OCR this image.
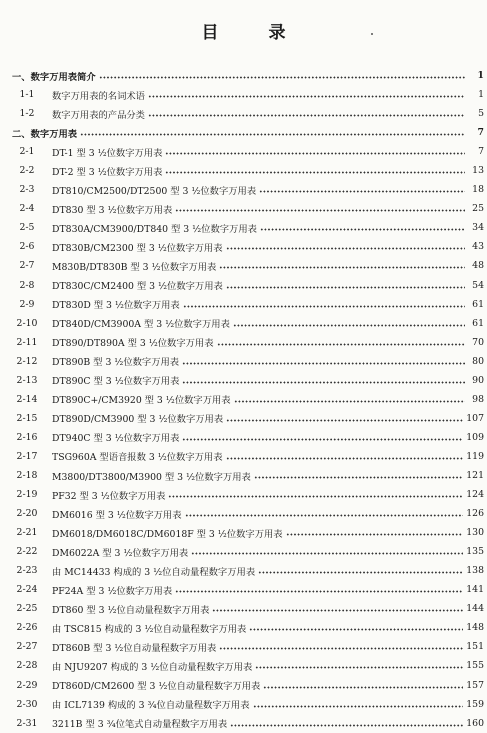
目 录
一、数字万用表简介	1
1-1	数字万用表的名词术语	1
1-2	数字万用表的产品分类	5
二、数字万用表	7
2-1	DT-1 型 3 ½位数字万用表	7
2-2	DT-2 型 3 ½位数字万用表	13
2-3	DT810/CM2500/DT2500 型 3 ½位数字万用表	18
2-4	DT830 型 3 ½位数字万用表	25
2-5	DT830A/CM3900/DT840 型 3 ½位数字万用表	34
2-6	DT830B/CM2300 型 3 ½位数字万用表	43
2-7	M830B/DT830B 型 3 ½位数字万用表	48
2-8	DT830C/CM2400 型 3 ½位数字万用表	54
2-9	DT830D 型 3 ½位数字万用表	61
2-10	DT840D/CM3900A 型 3 ½位数字万用表	61
2-11	DT890/DT890A 型 3 ½位数字万用表	70
2-12	DT890B 型 3 ½位数字万用表	80
2-13	DT890C 型 3 ½位数字万用表	90
2-14	DT890C+/CM3920 型 3 ½位数字万用表	98
2-15	DT890D/CM3900 型 3 ½位数字万用表	107
2-16	DT940C 型 3 ½位数字万用表	109
2-17	TSG960A 型语音报数 3 ½位数字万用表	119
2-18	M3800/DT3800/M3900 型 3 ½位数字万用表	121
2-19	PF32 型 3 ½位数字万用表	124
2-20	DM6016 型 3 ½位数字万用表	126
2-21	DM6018/DM6018C/DM6018F 型 3 ½位数字万用表	130
2-22	DM6022A 型 3 ½位数字万用表	135
2-23	由 MC14433 构成的 3 ½位自动量程数字万用表	138
2-24	PF24A 型 3 ½位数字万用表	141
2-25	DT860 型 3 ½位自动量程数字万用表	144
2-26	由 TSC815 构成的 3 ½位自动量程数字万用表	148
2-27	DT860B 型 3 ½位自动量程数字万用表	151
2-28	由 NJU9207 构成的 3 ½位自动量程数字万用表	155
2-29	DT860D/CM2600 型 3 ½位自动量程数字万用表	157
2-30	由 ICL7139 构成的 3 ¾位自动量程数字万用表	159
2-31	3211B 型 3 ¾位笔式自动量程数字万用表	160
